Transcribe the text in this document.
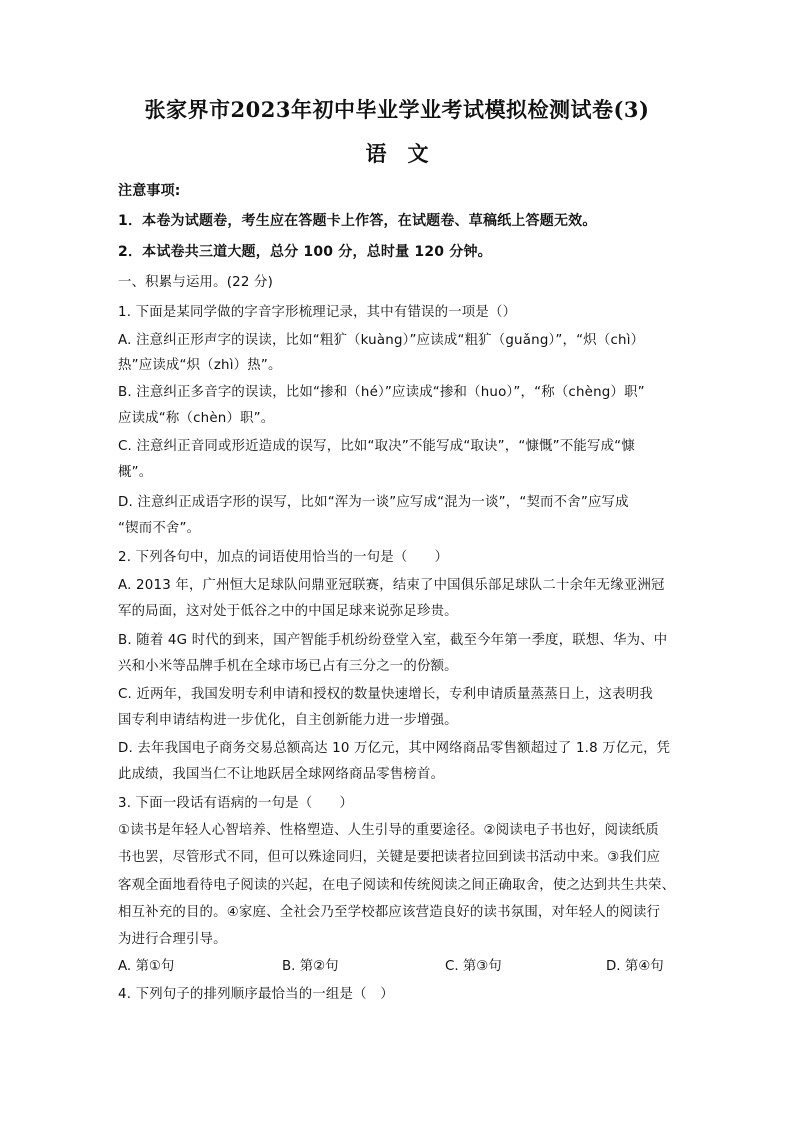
张家界市2023年初中毕业学业考试模拟检测试卷(3)
语　文
注意事项:
1．本卷为试题卷，考生应在答题卡上作答，在试题卷、草稿纸上答题无效。
2．本试卷共三道大题，总分 100 分，总时量 120 分钟。
一、积累与运用。(22 分)
1. 下面是某同学做的字音字形梳理记录，其中有错误的一项是（）
A. 注意纠正形声字的误读，比如“粗犷（kuàng）”应读成“粗犷（guǎng）”，“炽（chì）
热”应读成“炽（zhì）热”。
B. 注意纠正多音字的误读，比如“掺和（hé）”应读成“掺和（huo）”，“称（chèng）职”
应读成“称（chèn）职”。
C. 注意纠正音同或形近造成的误写，比如“取决”不能写成“取诀”，“慷慨”不能写成“慷
概”。
D. 注意纠正成语字形的误写，比如“浑为一谈”应写成“混为一谈”，“契而不舍”应写成
“锲而不舍”。
2. 下列各句中，加点的词语使用恰当的一句是（　　）
A. 2013 年，广州恒大足球队问鼎亚冠联赛，结束了中国俱乐部足球队二十余年无缘亚洲冠
军的局面，这对处于低谷之中的中国足球来说弥足珍贵。
B. 随着 4G 时代的到来，国产智能手机纷纷登堂入室，截至今年第一季度，联想、华为、中
兴和小米等品牌手机在全球市场已占有三分之一的份额。
C. 近两年，我国发明专利申请和授权的数量快速增长，专利申请质量蒸蒸日上，这表明我
国专利申请结构进一步优化，自主创新能力进一步增强。
D. 去年我国电子商务交易总额高达 10 万亿元，其中网络商品零售额超过了 1.8 万亿元，凭
此成绩，我国当仁不让地跃居全球网络商品零售榜首。
3. 下面一段话有语病的一句是（　　）
①读书是年轻人心智培养、性格塑造、人生引导的重要途径。②阅读电子书也好，阅读纸质
书也罢，尽管形式不同，但可以殊途同归，关键是要把读者拉回到读书活动中来。③我们应
客观全面地看待电子阅读的兴起，在电子阅读和传统阅读之间正确取舍，使之达到共生共荣、
相互补充的目的。④家庭、全社会乃至学校都应该营造良好的读书氛围，对年轻人的阅读行
为进行合理引导。
A. 第①句	B. 第②句	C. 第③句	D. 第④句
4. 下列句子的排列顺序最恰当的一组是（　）
